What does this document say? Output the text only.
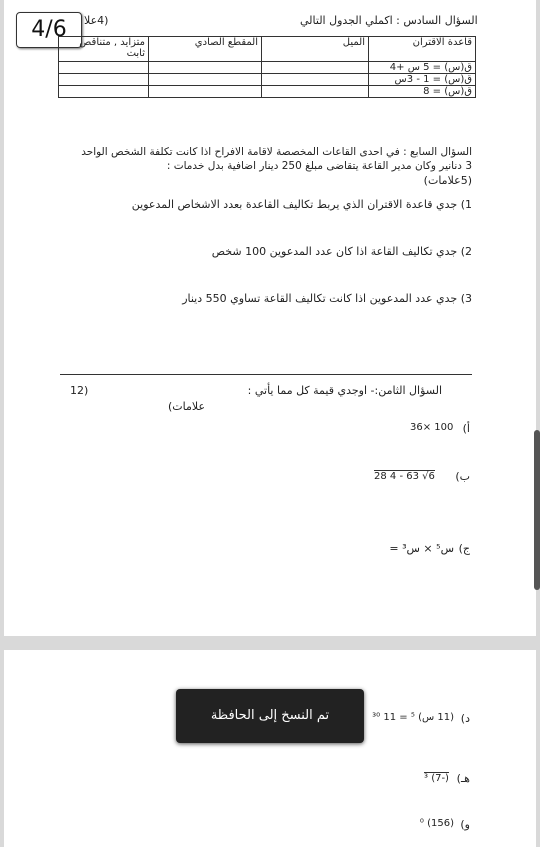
4/6	السؤال السادس : اكملي الجدول التالي
(4علا
قاعدة الاقتران	الميل	المقطع الصادي	متزايد , متناقص ثابت
ق(س) = 5 س +4			
ق(س) = 1 - 3س			
ق(س) = 8			
السؤال السابع : في احدى القاعات المخصصة لاقامة الافراح اذا كانت تكلفة الشخص الواحد
3 دنانير وكان مدير القاعة يتقاضى مبلغ 250 دينار اضافية بدل خدمات :
(5علامات)
1) جدي قاعدة الاقتران الذي يربط تكاليف القاعدة بعدد الاشخاص المدعوين
2) جدي تكاليف القاعة اذا كان عدد المدعوين 100 شخص
3) جدي عدد المدعوين اذا كانت تكاليف القاعة تساوي 550 دينار
السؤال الثامن:- اوجدي قيمة كل مما يأتي :
12)
علامات)
أ)
36× 100
ب)
28 4 - 63 √6
ج)
س⁵ × س³ =
د)
(11 س) ⁵ = 11 ³⁰
هـ)
³ (7-)
و)
(156) ⁰
تم النسخ إلى الحافظة
